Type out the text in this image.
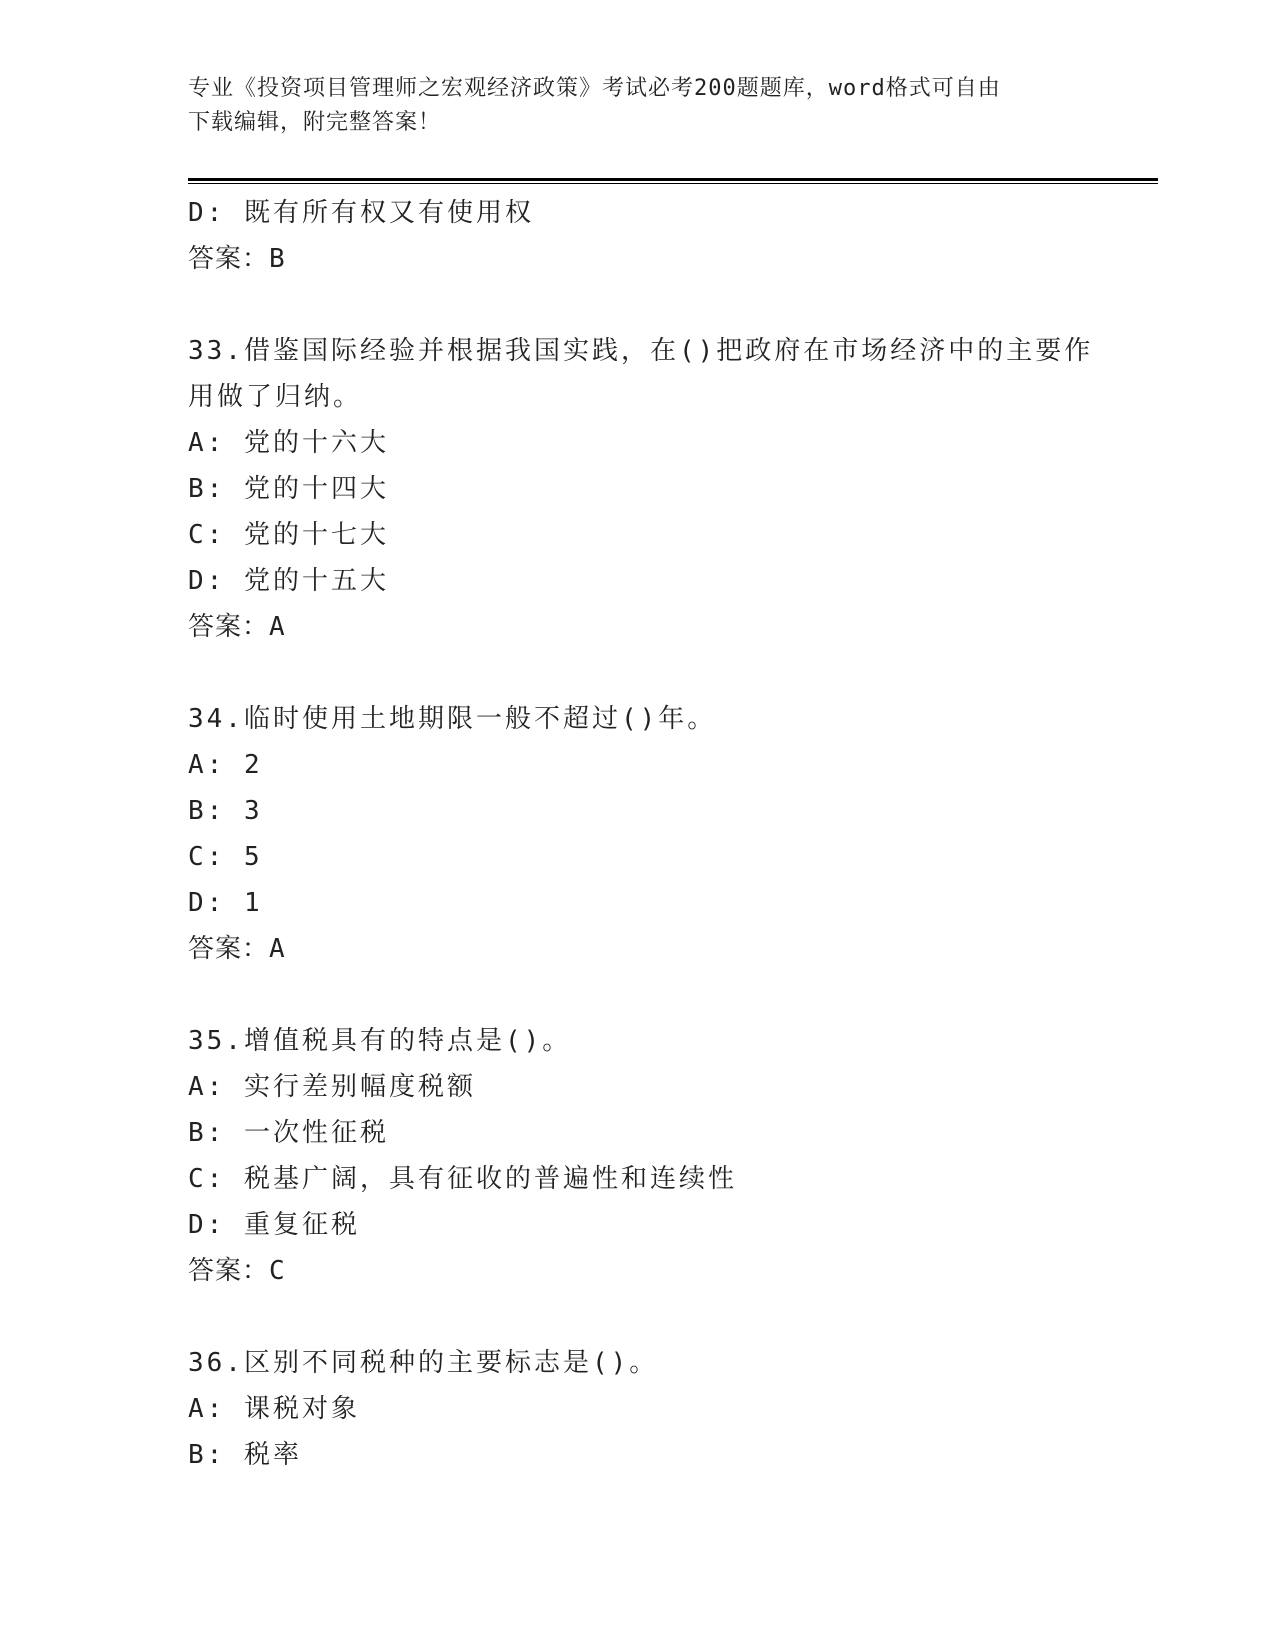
专业《投资项目管理师之宏观经济政策》考试必考200题题库，word格式可自由
下载编辑，附完整答案！
D: 既有所有权又有使用权
答案：B
33.借鉴国际经验并根据我国实践，在()把政府在市场经济中的主要作
用做了归纳。
A: 党的十六大
B: 党的十四大
C: 党的十七大
D: 党的十五大
答案：A
34.临时使用土地期限一般不超过()年。
A: 2
B: 3
C: 5
D: 1
答案：A
35.增值税具有的特点是()。
A: 实行差别幅度税额
B: 一次性征税
C: 税基广阔，具有征收的普遍性和连续性
D: 重复征税
答案：C
36.区别不同税种的主要标志是()。
A: 课税对象
B: 税率
